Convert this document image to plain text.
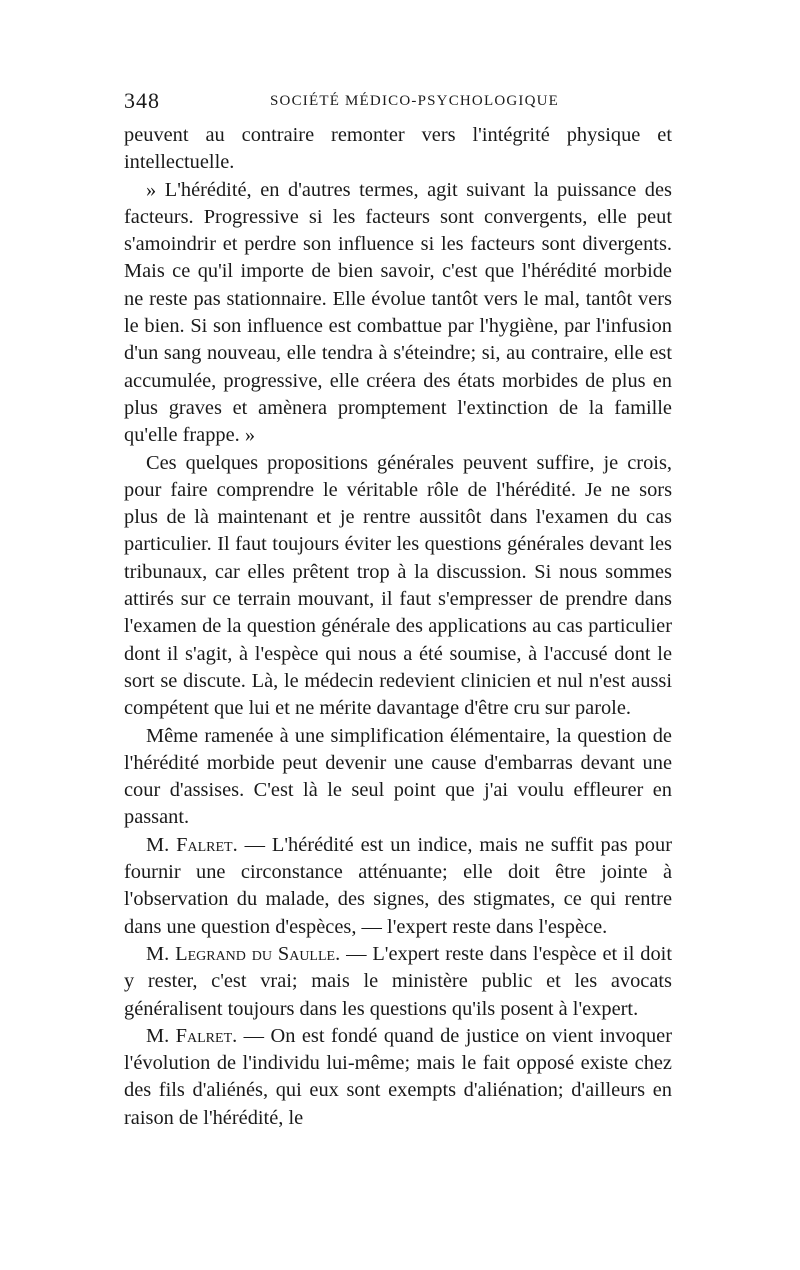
348	SOCIÉTÉ MÉDICO-PSYCHOLOGIQUE

peuvent au contraire remonter vers l'intégrité physique et intellectuelle.

» L'hérédité, en d'autres termes, agit suivant la puissance des facteurs. Progressive si les facteurs sont convergents, elle peut s'amoindrir et perdre son influence si les facteurs sont divergents. Mais ce qu'il importe de bien savoir, c'est que l'hérédité morbide ne reste pas stationnaire. Elle évolue tantôt vers le mal, tantôt vers le bien. Si son influence est combattue par l'hygiène, par l'infusion d'un sang nouveau, elle tendra à s'éteindre; si, au contraire, elle est accumulée, progressive, elle créera des états morbides de plus en plus graves et amènera promptement l'extinction de la famille qu'elle frappe. »

Ces quelques propositions générales peuvent suffire, je crois, pour faire comprendre le véritable rôle de l'hérédité. Je ne sors plus de là maintenant et je rentre aussitôt dans l'examen du cas particulier. Il faut toujours éviter les questions générales devant les tribunaux, car elles prêtent trop à la discussion. Si nous sommes attirés sur ce terrain mouvant, il faut s'empresser de prendre dans l'examen de la question générale des applications au cas particulier dont il s'agit, à l'espèce qui nous a été soumise, à l'accusé dont le sort se discute. Là, le médecin redevient clinicien et nul n'est aussi compétent que lui et ne mérite davantage d'être cru sur parole.

Même ramenée à une simplification élémentaire, la question de l'hérédité morbide peut devenir une cause d'embarras devant une cour d'assises. C'est là le seul point que j'ai voulu effleurer en passant.

M. Falret. — L'hérédité est un indice, mais ne suffit pas pour fournir une circonstance atténuante; elle doit être jointe à l'observation du malade, des signes, des stigmates, ce qui rentre dans une question d'espèces, — l'expert reste dans l'espèce.

M. Legrand du Saulle. — L'expert reste dans l'espèce et il doit y rester, c'est vrai; mais le ministère public et les avocats généralisent toujours dans les questions qu'ils posent à l'expert.

M. Falret. — On est fondé quand de justice on vient invoquer l'évolution de l'individu lui-même; mais le fait opposé existe chez des fils d'aliénés, qui eux sont exempts d'aliénation; d'ailleurs en raison de l'hérédité, le
